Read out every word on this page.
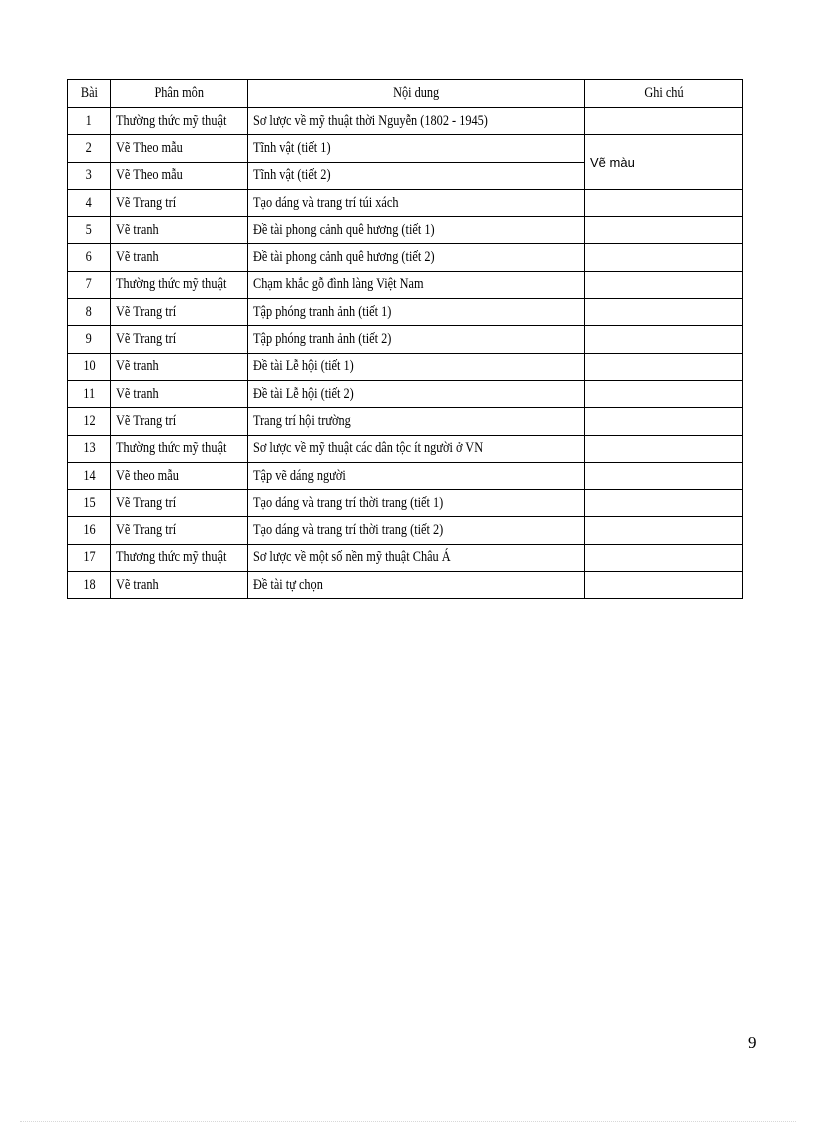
Bài	Phân môn	Nội dung	Ghi chú
1	Thường thức mỹ thuật	Sơ lược về mỹ thuật thời Nguyễn (1802 - 1945)	
2	Vẽ Theo mẫu	Tĩnh vật (tiết 1)	Vẽ màu
3	Vẽ Theo mẫu	Tĩnh vật (tiết 2)	
4	Vẽ Trang trí	Tạo dáng và trang trí túi xách	
5	Vẽ tranh	Đề tài phong cảnh quê hương (tiết 1)	
6	Vẽ tranh	Đề tài phong cảnh quê hương (tiết 2)	
7	Thường thức mỹ thuật	Chạm khắc gỗ đình làng Việt Nam	
8	Vẽ Trang trí	Tập phóng tranh ảnh (tiết 1)	
9	Vẽ Trang trí	Tập phóng tranh ảnh (tiết 2)	
10	Vẽ tranh	Đề tài Lễ hội (tiết 1)	
11	Vẽ tranh	Đề tài Lễ hội (tiết 2)	
12	Vẽ Trang trí	Trang trí hội trường	
13	Thường thức mỹ thuật	Sơ lược về mỹ thuật các dân tộc ít người ở VN	
14	Vẽ theo mẫu	Tập vẽ dáng người	
15	Vẽ Trang trí	Tạo dáng và trang trí thời trang (tiết 1)	
16	Vẽ Trang trí	Tạo dáng và trang trí thời trang (tiết 2)	
17	Thương thức mỹ thuật	Sơ lược về một số nền mỹ thuật Châu Á	
18	Vẽ tranh	Đề tài tự chọn	
9
